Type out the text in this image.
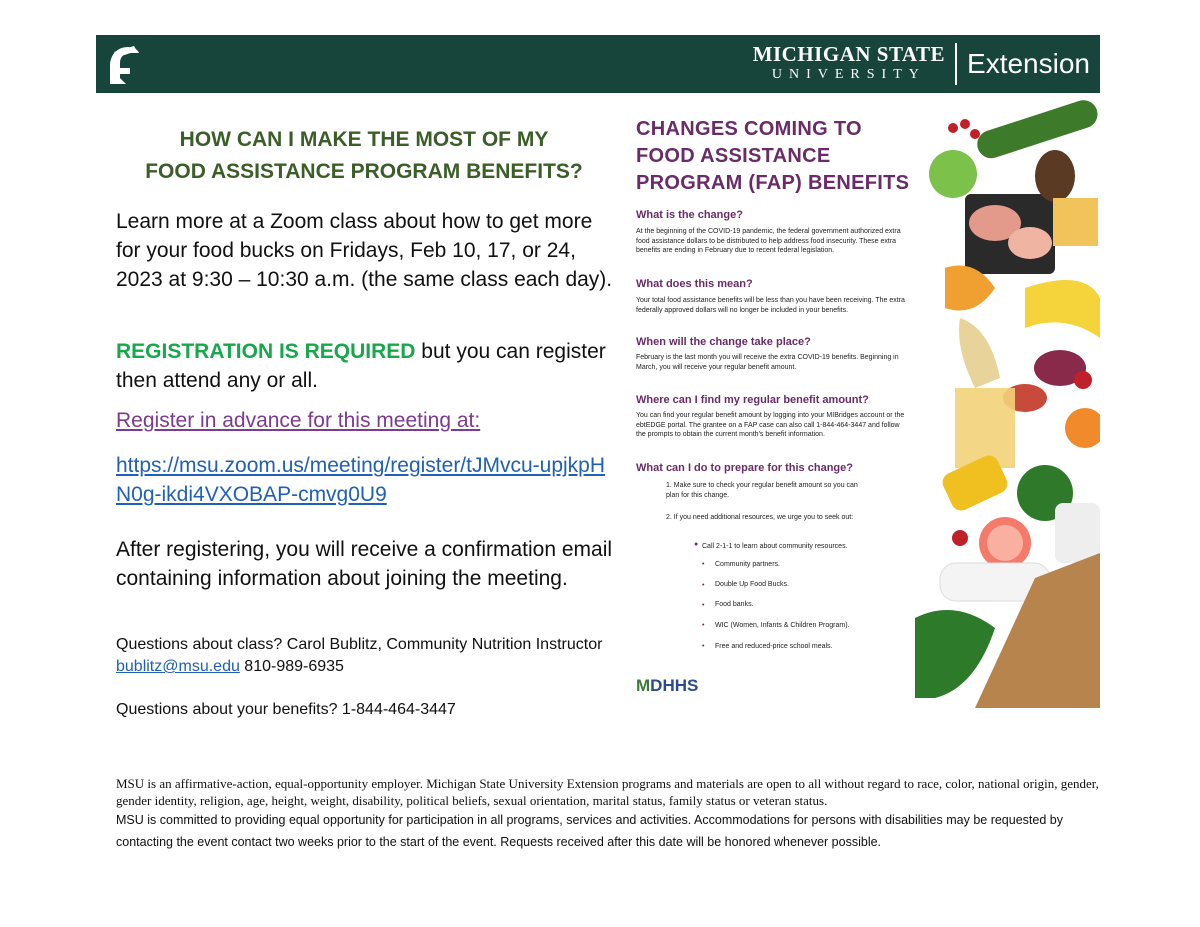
MICHIGAN STATE
UNIVERSITY Extension
HOW CAN I MAKE THE MOST OF MY
FOOD ASSISTANCE PROGRAM BENEFITS?

Learn more at a Zoom class about how to get more for your food bucks on Fridays, Feb 10, 17, or 24, 2023 at 9:30 – 10:30 a.m. (the same class each day).

REGISTRATION IS REQUIRED but you can register then attend any or all.

Register in advance for this meeting at:

https://msu.zoom.us/meeting/register/tJMvcu-upjkpHN0g-ikdi4VXOBAP-cmvg0U9

After registering, you will receive a confirmation email containing information about joining the meeting.

Questions about class? Carol Bublitz, Community Nutrition Instructor bublitz@msu.edu 810-989-6935

Questions about your benefits? 1-844-464-3447

CHANGES COMING TO
FOOD ASSISTANCE
PROGRAM (FAP) BENEFITS
What is the change?
At the beginning of the COVID-19 pandemic, the federal government authorized extra food assistance dollars to be distributed to help address food insecurity. These extra benefits are ending in February due to recent federal legislation.
What does this mean?
Your total food assistance benefits will be less than you have been receiving. The extra federally approved dollars will no longer be included in your benefits.
When will the change take place?
February is the last month you will receive the extra COVID-19 benefits. Beginning in March, you will receive your regular benefit amount.
Where can I find my regular benefit amount?
You can find your regular benefit amount by logging into your MIBridges account or the ebtEDGE portal. The grantee on a FAP case can also call 1-844-464-3447 and follow the prompts to obtain the current month's benefit information.
What can I do to prepare for this change?
1. Make sure to check your regular benefit amount so you can plan for this change.
2. If you need additional resources, we urge you to seek out:
● Call 2-1-1 to learn about community resources.
• Community partners.
• Double Up Food Bucks.
• Food banks.
• WIC (Women, Infants & Children Program).
• Free and reduced-price school meals.
MDHHS

MSU is an affirmative-action, equal-opportunity employer. Michigan State University Extension programs and materials are open to all without regard to race, color, national origin, gender, gender identity, religion, age, height, weight, disability, political beliefs, sexual orientation, marital status, family status or veteran status.

MSU is committed to providing equal opportunity for participation in all programs, services and activities. Accommodations for persons with disabilities may be requested by contacting the event contact two weeks prior to the start of the event. Requests received after this date will be honored whenever possible.
